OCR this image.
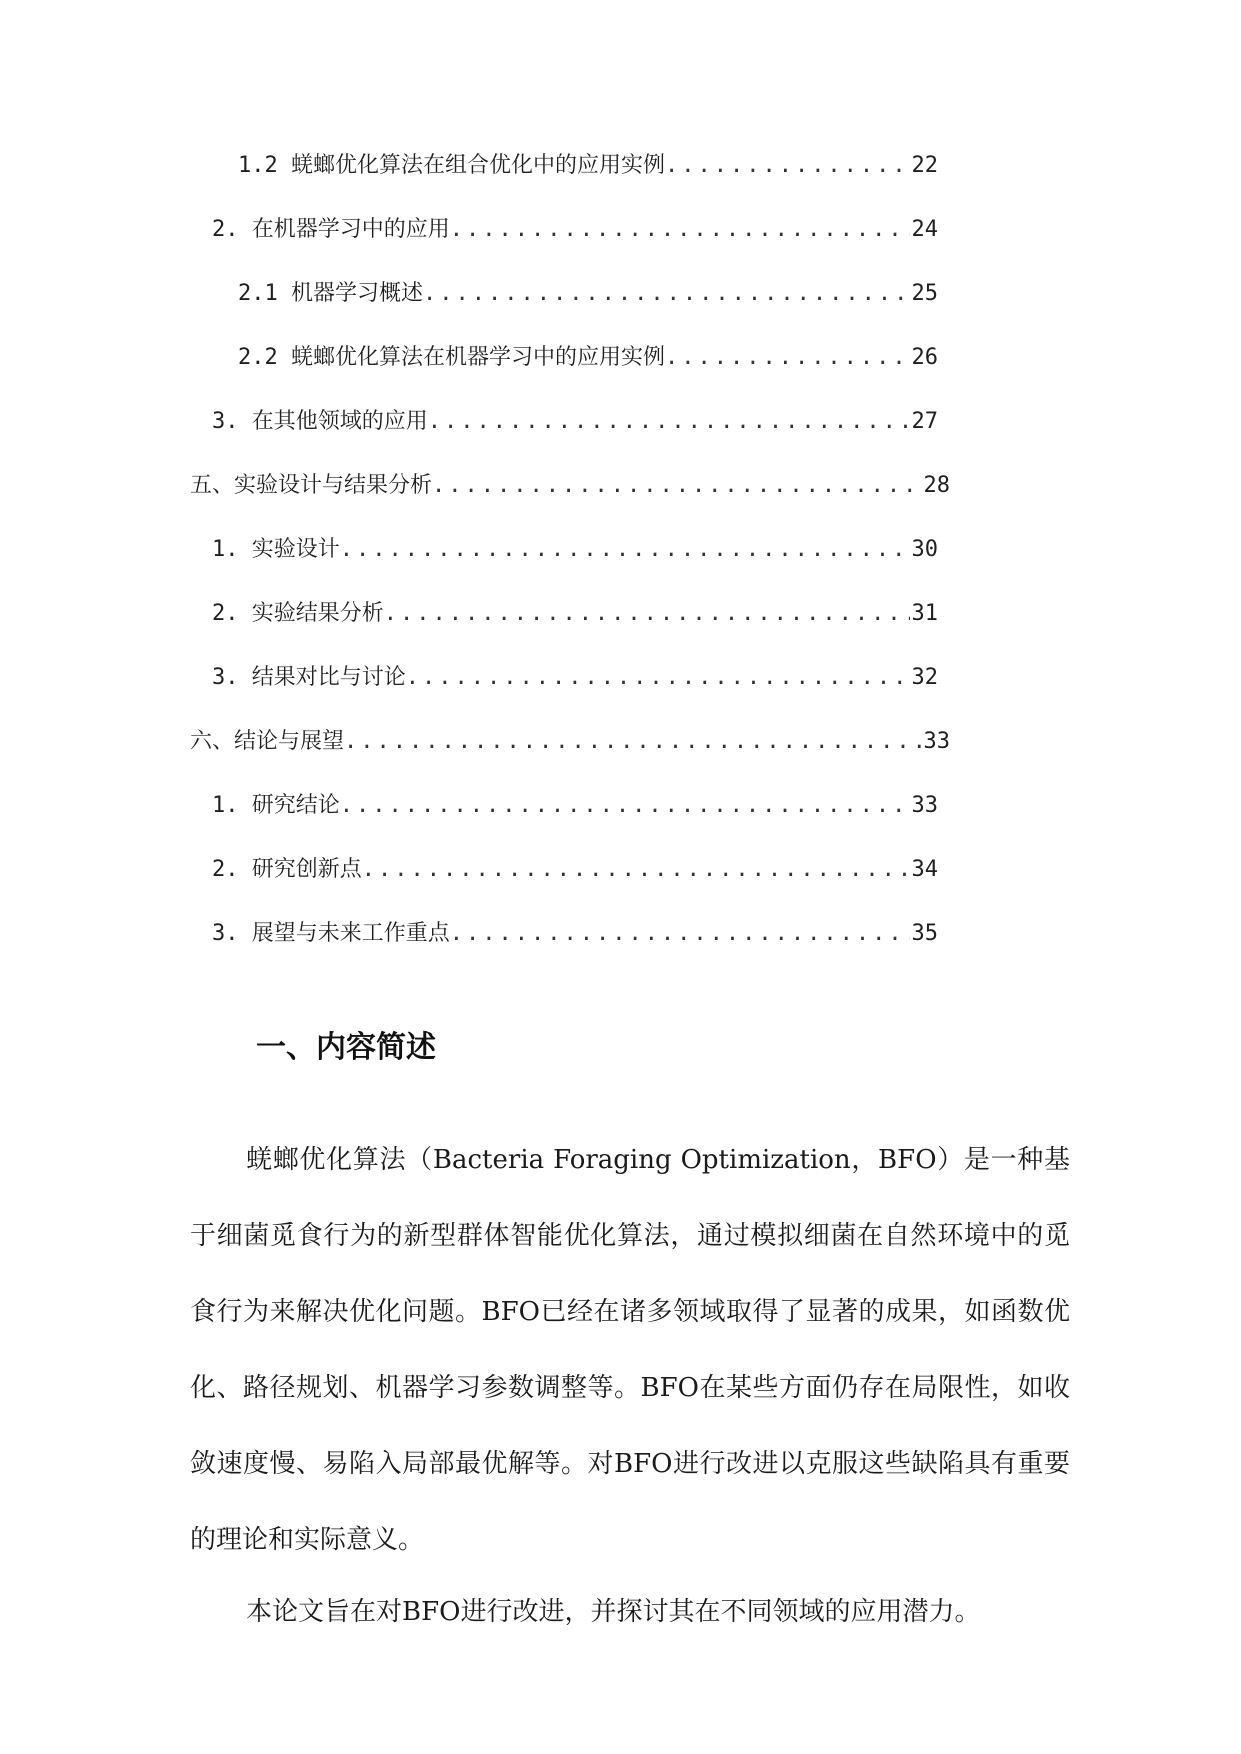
1.2 蜣螂优化算法在组合优化中的应用实例 .....	22
2. 在机器学习中的应用 .....	24
2.1 机器学习概述 .....	25
2.2 蜣螂优化算法在机器学习中的应用实例 .....	26
3. 在其他领域的应用 .....	27
五、实验设计与结果分析 .....	28
1. 实验设计 .....	30
2. 实验结果分析 .....	31
3. 结果对比与讨论 .....	32
六、结论与展望 .....	33
1. 研究结论 .....	33
2. 研究创新点 .....	34
3. 展望与未来工作重点 .....	35
一、内容简述

蜣螂优化算法（Bacteria Foraging Optimization，BFO）是一种基于细菌觅食行为的新型群体智能优化算法，通过模拟细菌在自然环境中的觅食行为来解决优化问题。BFO已经在诸多领域取得了显著的成果，如函数优化、路径规划、机器学习参数调整等。BFO在某些方面仍存在局限性，如收敛速度慢、易陷入局部最优解等。对BFO进行改进以克服这些缺陷具有重要的理论和实际意义。

本论文旨在对BFO进行改进，并探讨其在不同领域的应用潜力。
